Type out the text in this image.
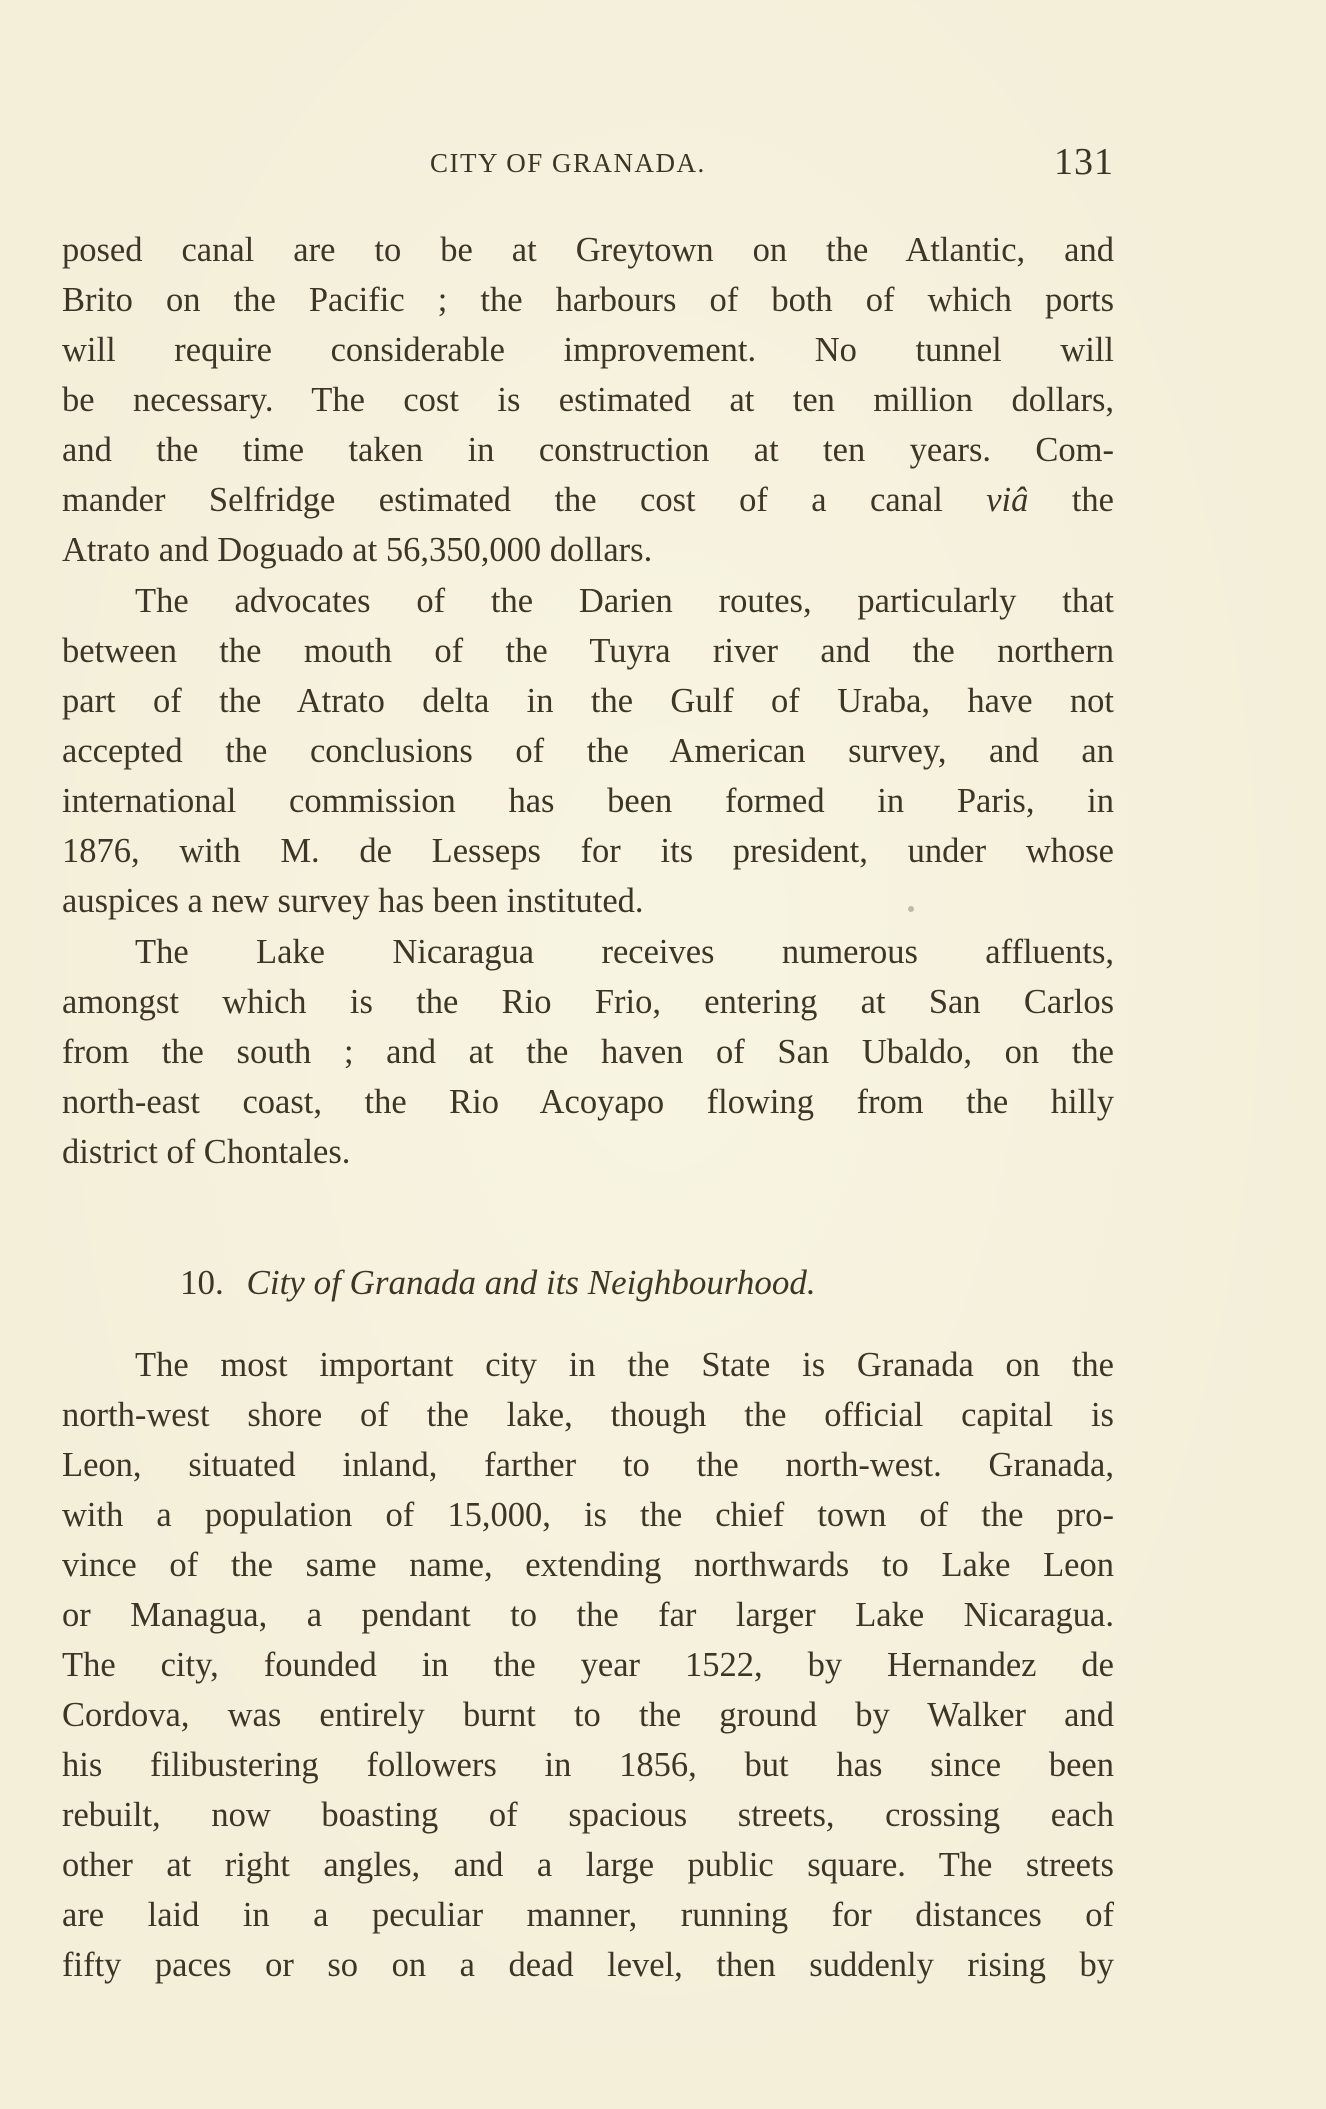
CITY OF GRANADA.	131
posed canal are to be at Greytown on the Atlantic, and
Brito on the Pacific ; the harbours of both of which ports
will require considerable improvement. No tunnel will
be necessary. The cost is estimated at ten million dollars,
and the time taken in construction at ten years. Com-
mander Selfridge estimated the cost of a canal viâ the
Atrato and Doguado at 56,350,000 dollars.
The advocates of the Darien routes, particularly that
between the mouth of the Tuyra river and the northern
part of the Atrato delta in the Gulf of Uraba, have not
accepted the conclusions of the American survey, and an
international commission has been formed in Paris, in
1876, with M. de Lesseps for its president, under whose
auspices a new survey has been instituted.
The Lake Nicaragua receives numerous affluents,
amongst which is the Rio Frio, entering at San Carlos
from the south ; and at the haven of San Ubaldo, on the
north-east coast, the Rio Acoyapo flowing from the hilly
district of Chontales.
10. City of Granada and its Neighbourhood.
The most important city in the State is Granada on the
north-west shore of the lake, though the official capital is
Leon, situated inland, farther to the north-west. Granada,
with a population of 15,000, is the chief town of the pro-
vince of the same name, extending northwards to Lake Leon
or Managua, a pendant to the far larger Lake Nicaragua.
The city, founded in the year 1522, by Hernandez de
Cordova, was entirely burnt to the ground by Walker and
his filibustering followers in 1856, but has since been
rebuilt, now boasting of spacious streets, crossing each
other at right angles, and a large public square. The streets
are laid in a peculiar manner, running for distances of
fifty paces or so on a dead level, then suddenly rising by
